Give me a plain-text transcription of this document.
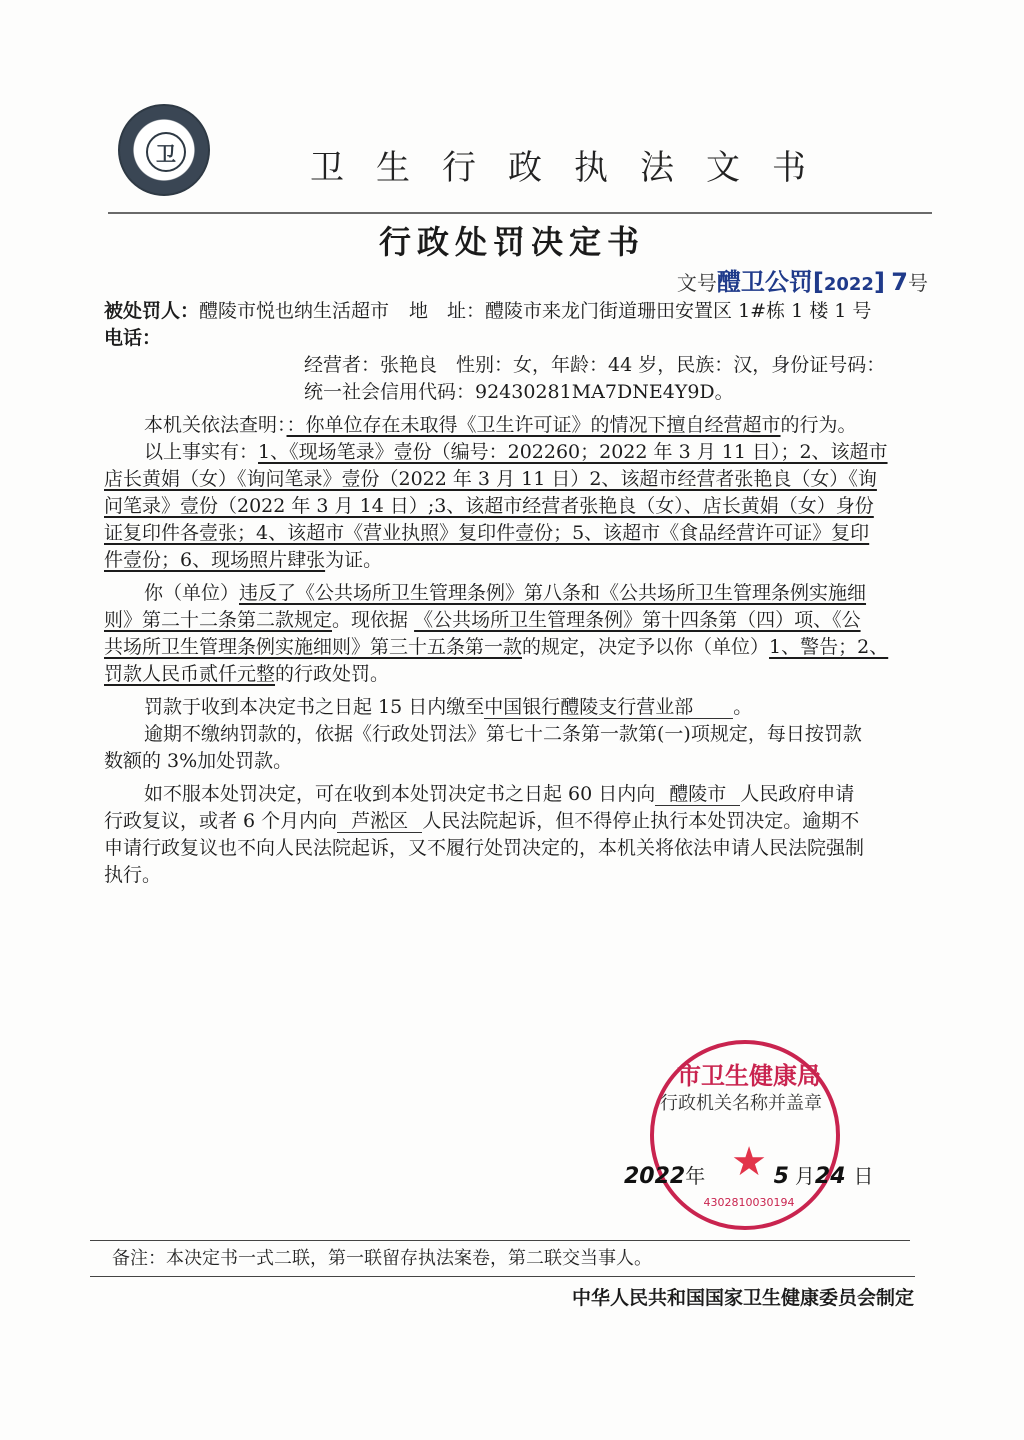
卫	卫生行政执法文书
行政处罚决定书
文号醴卫公罚[2022] 7号
被处罚人：醴陵市悦也纳生活超市 地　址：醴陵市来龙门街道珊田安置区 1#栋 1 楼 1 号
电话：
经营者：张艳良　性别：女，年龄：44 岁，民族：汉，身份证号码：
统一社会信用代码：92430281MA7DNE4Y9D。
本机关依法查明：：你单位存在未取得《卫生许可证》的情况下擅自经营超市的行为。
以上事实有：1、《现场笔录》壹份（编号：202260；2022 年 3 月 11 日）；2、该超市
店长黄娟（女）《询问笔录》壹份（2022 年 3 月 11 日）2、该超市经营者张艳良（女）《询
问笔录》壹份（2022 年 3 月 14 日）;3、该超市经营者张艳良（女）、店长黄娟（女）身份
证复印件各壹张；4、该超市《营业执照》复印件壹份；5、该超市《食品经营许可证》复印
件壹份；6、现场照片肆张为证。
你（单位）违反了《公共场所卫生管理条例》第八条和《公共场所卫生管理条例实施细
则》第二十二条第二款规定。现依据 《公共场所卫生管理条例》第十四条第（四）项、《公
共场所卫生管理条例实施细则》第三十五条第一款的规定，决定予以你（单位）1、警告；2、
罚款人民币贰仟元整的行政处罚。
罚款于收到本决定书之日起 15 日内缴至中国银行醴陵支行营业部 。
逾期不缴纳罚款的，依据《行政处罚法》第七十二条第一款第(一)项规定，每日按罚款
数额的 3%加处罚款。
如不服本处罚决定，可在收到本处罚决定书之日起 60 日内向 醴陵市 人民政府申请
行政复议，或者 6 个月内向 芦淞区 人民法院起诉，但不得停止执行本处罚决定。逾期不
申请行政复议也不向人民法院起诉，又不履行处罚决定的，本机关将依法申请人民法院强制
执行。
市卫生健康局
★
4302810030194
行政机关名称并盖章
2022年	5 月24 日
备注：本决定书一式二联，第一联留存执法案卷，第二联交当事人。
中华人民共和国国家卫生健康委员会制定
